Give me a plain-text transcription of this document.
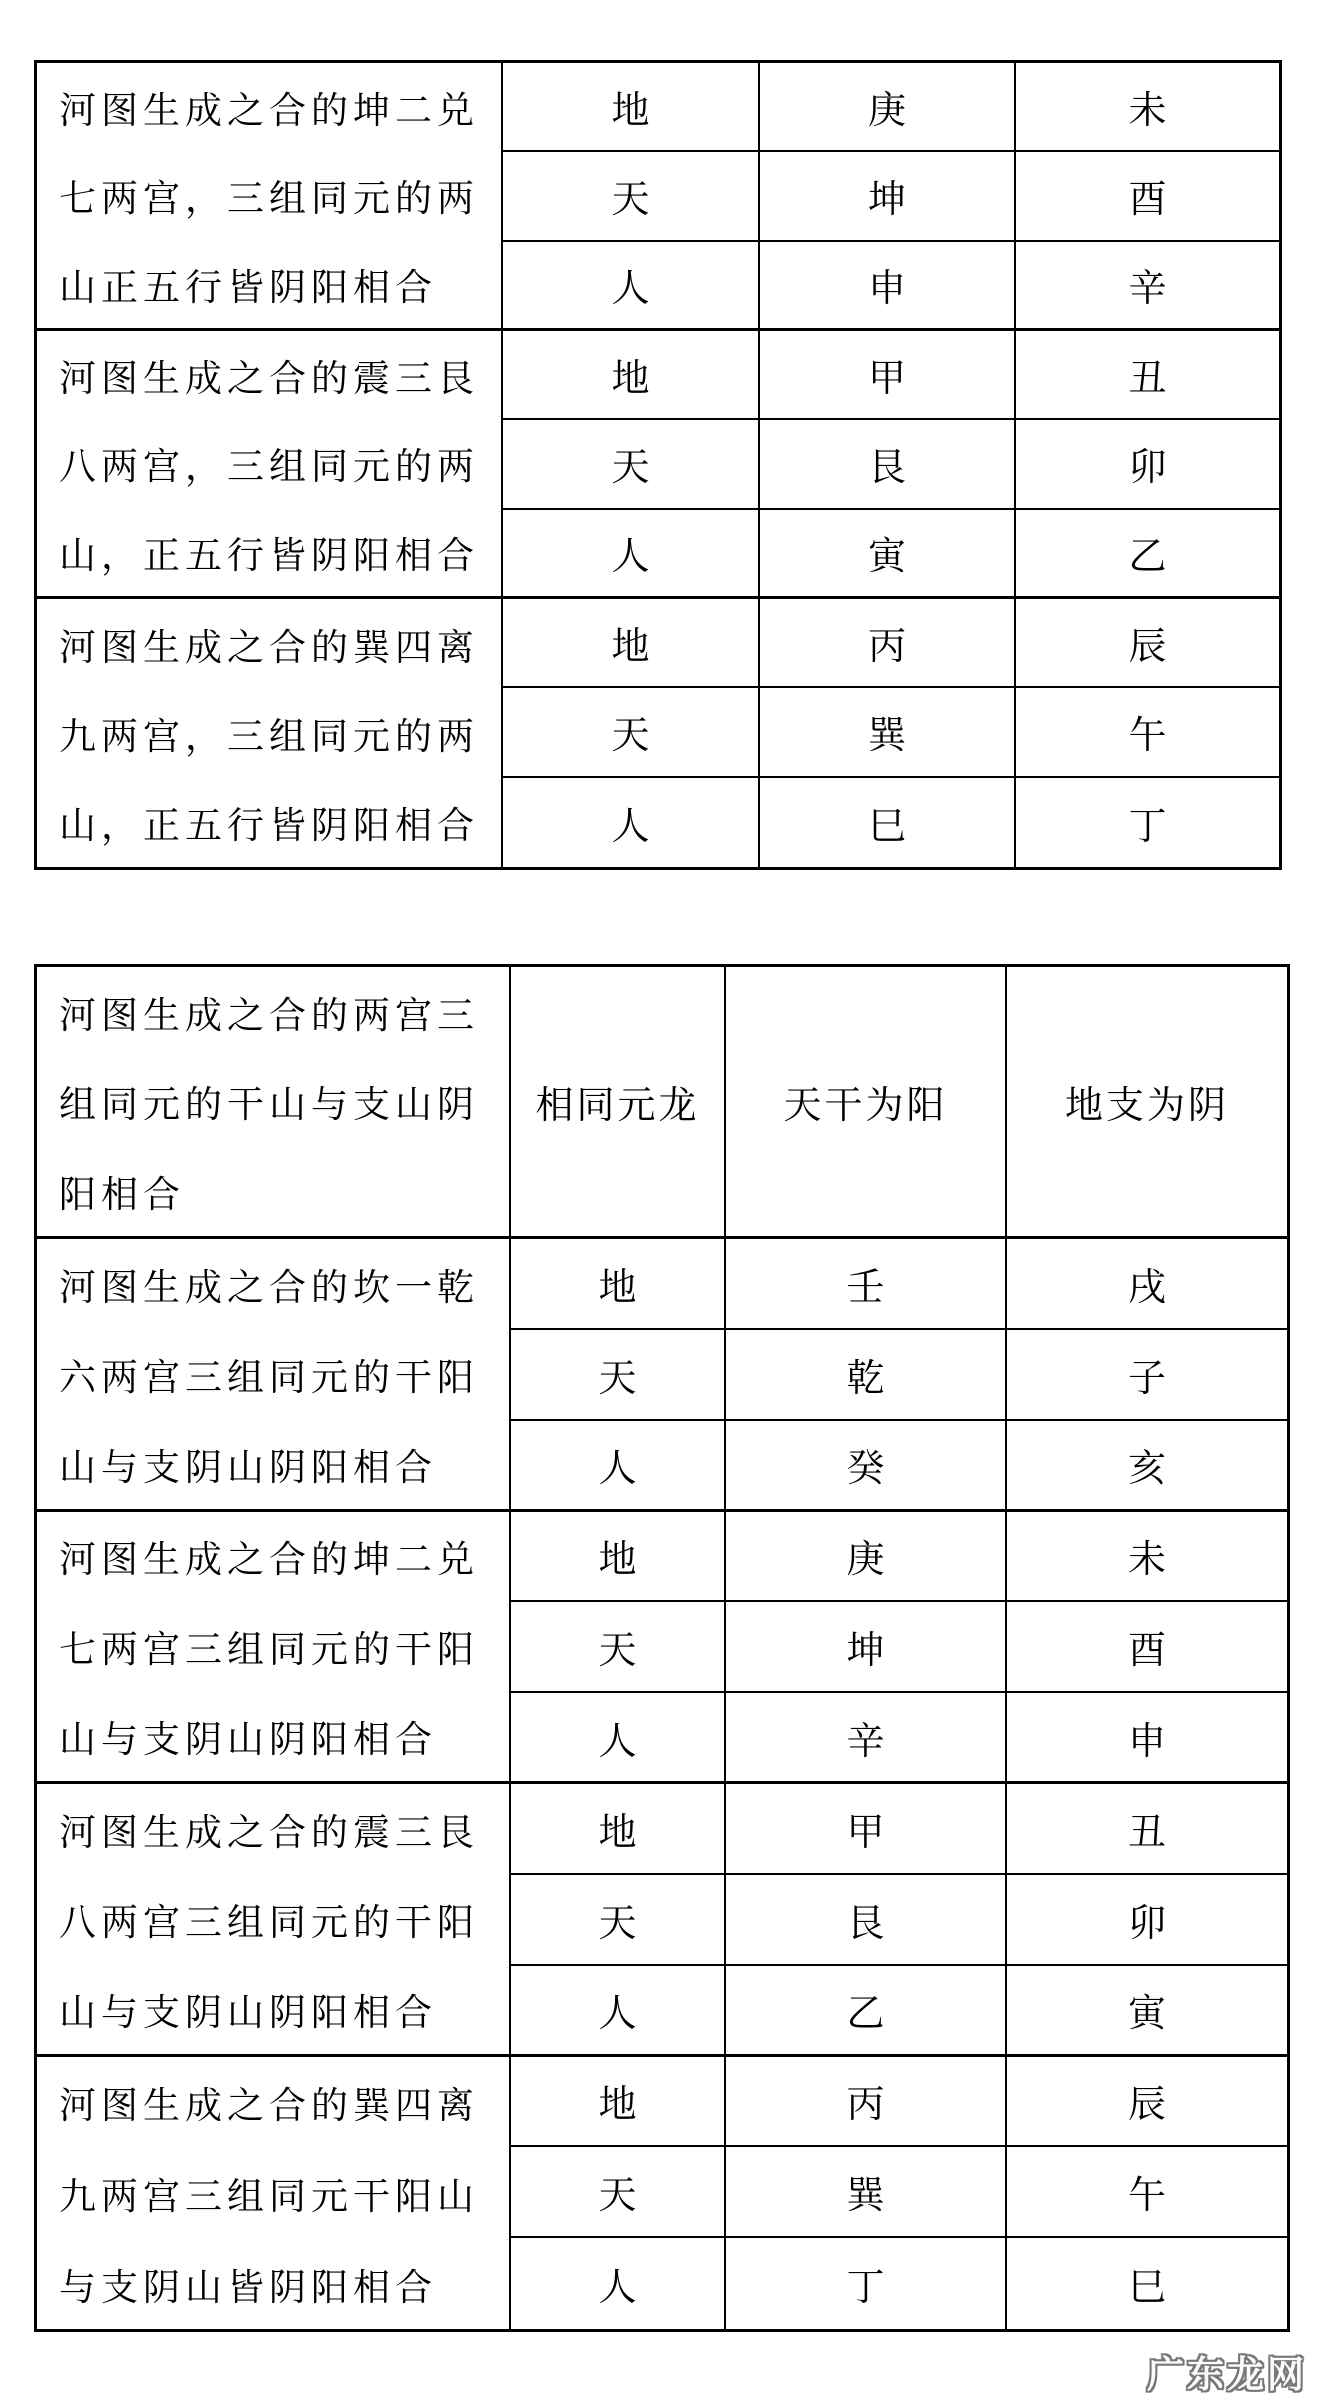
河图生成之合的坤二兑
七两宫，三组同元的两
山正五行皆阴阳相合
地	庚	未
天	坤	酉
人	申	辛
河图生成之合的震三艮
八两宫，三组同元的两
山，正五行皆阴阳相合
地	甲	丑
天	艮	卯
人	寅	乙
河图生成之合的巽四离
九两宫，三组同元的两
山，正五行皆阴阳相合
地	丙	辰
天	巽	午
人	巳	丁
河图生成之合的两宫三
组同元的干山与支山阴
阳相合
相同元龙	天干为阳	地支为阴
河图生成之合的坎一乾
六两宫三组同元的干阳
山与支阴山阴阳相合
地	壬	戌
天	乾	子
人	癸	亥
河图生成之合的坤二兑
七两宫三组同元的干阳
山与支阴山阴阳相合
地	庚	未
天	坤	酉
人	辛	申
河图生成之合的震三艮
八两宫三组同元的干阳
山与支阴山阴阳相合
地	甲	丑
天	艮	卯
人	乙	寅
河图生成之合的巽四离
九两宫三组同元干阳山
与支阴山皆阴阳相合
地	丙	辰
天	巽	午
人	丁	巳
广东龙网
